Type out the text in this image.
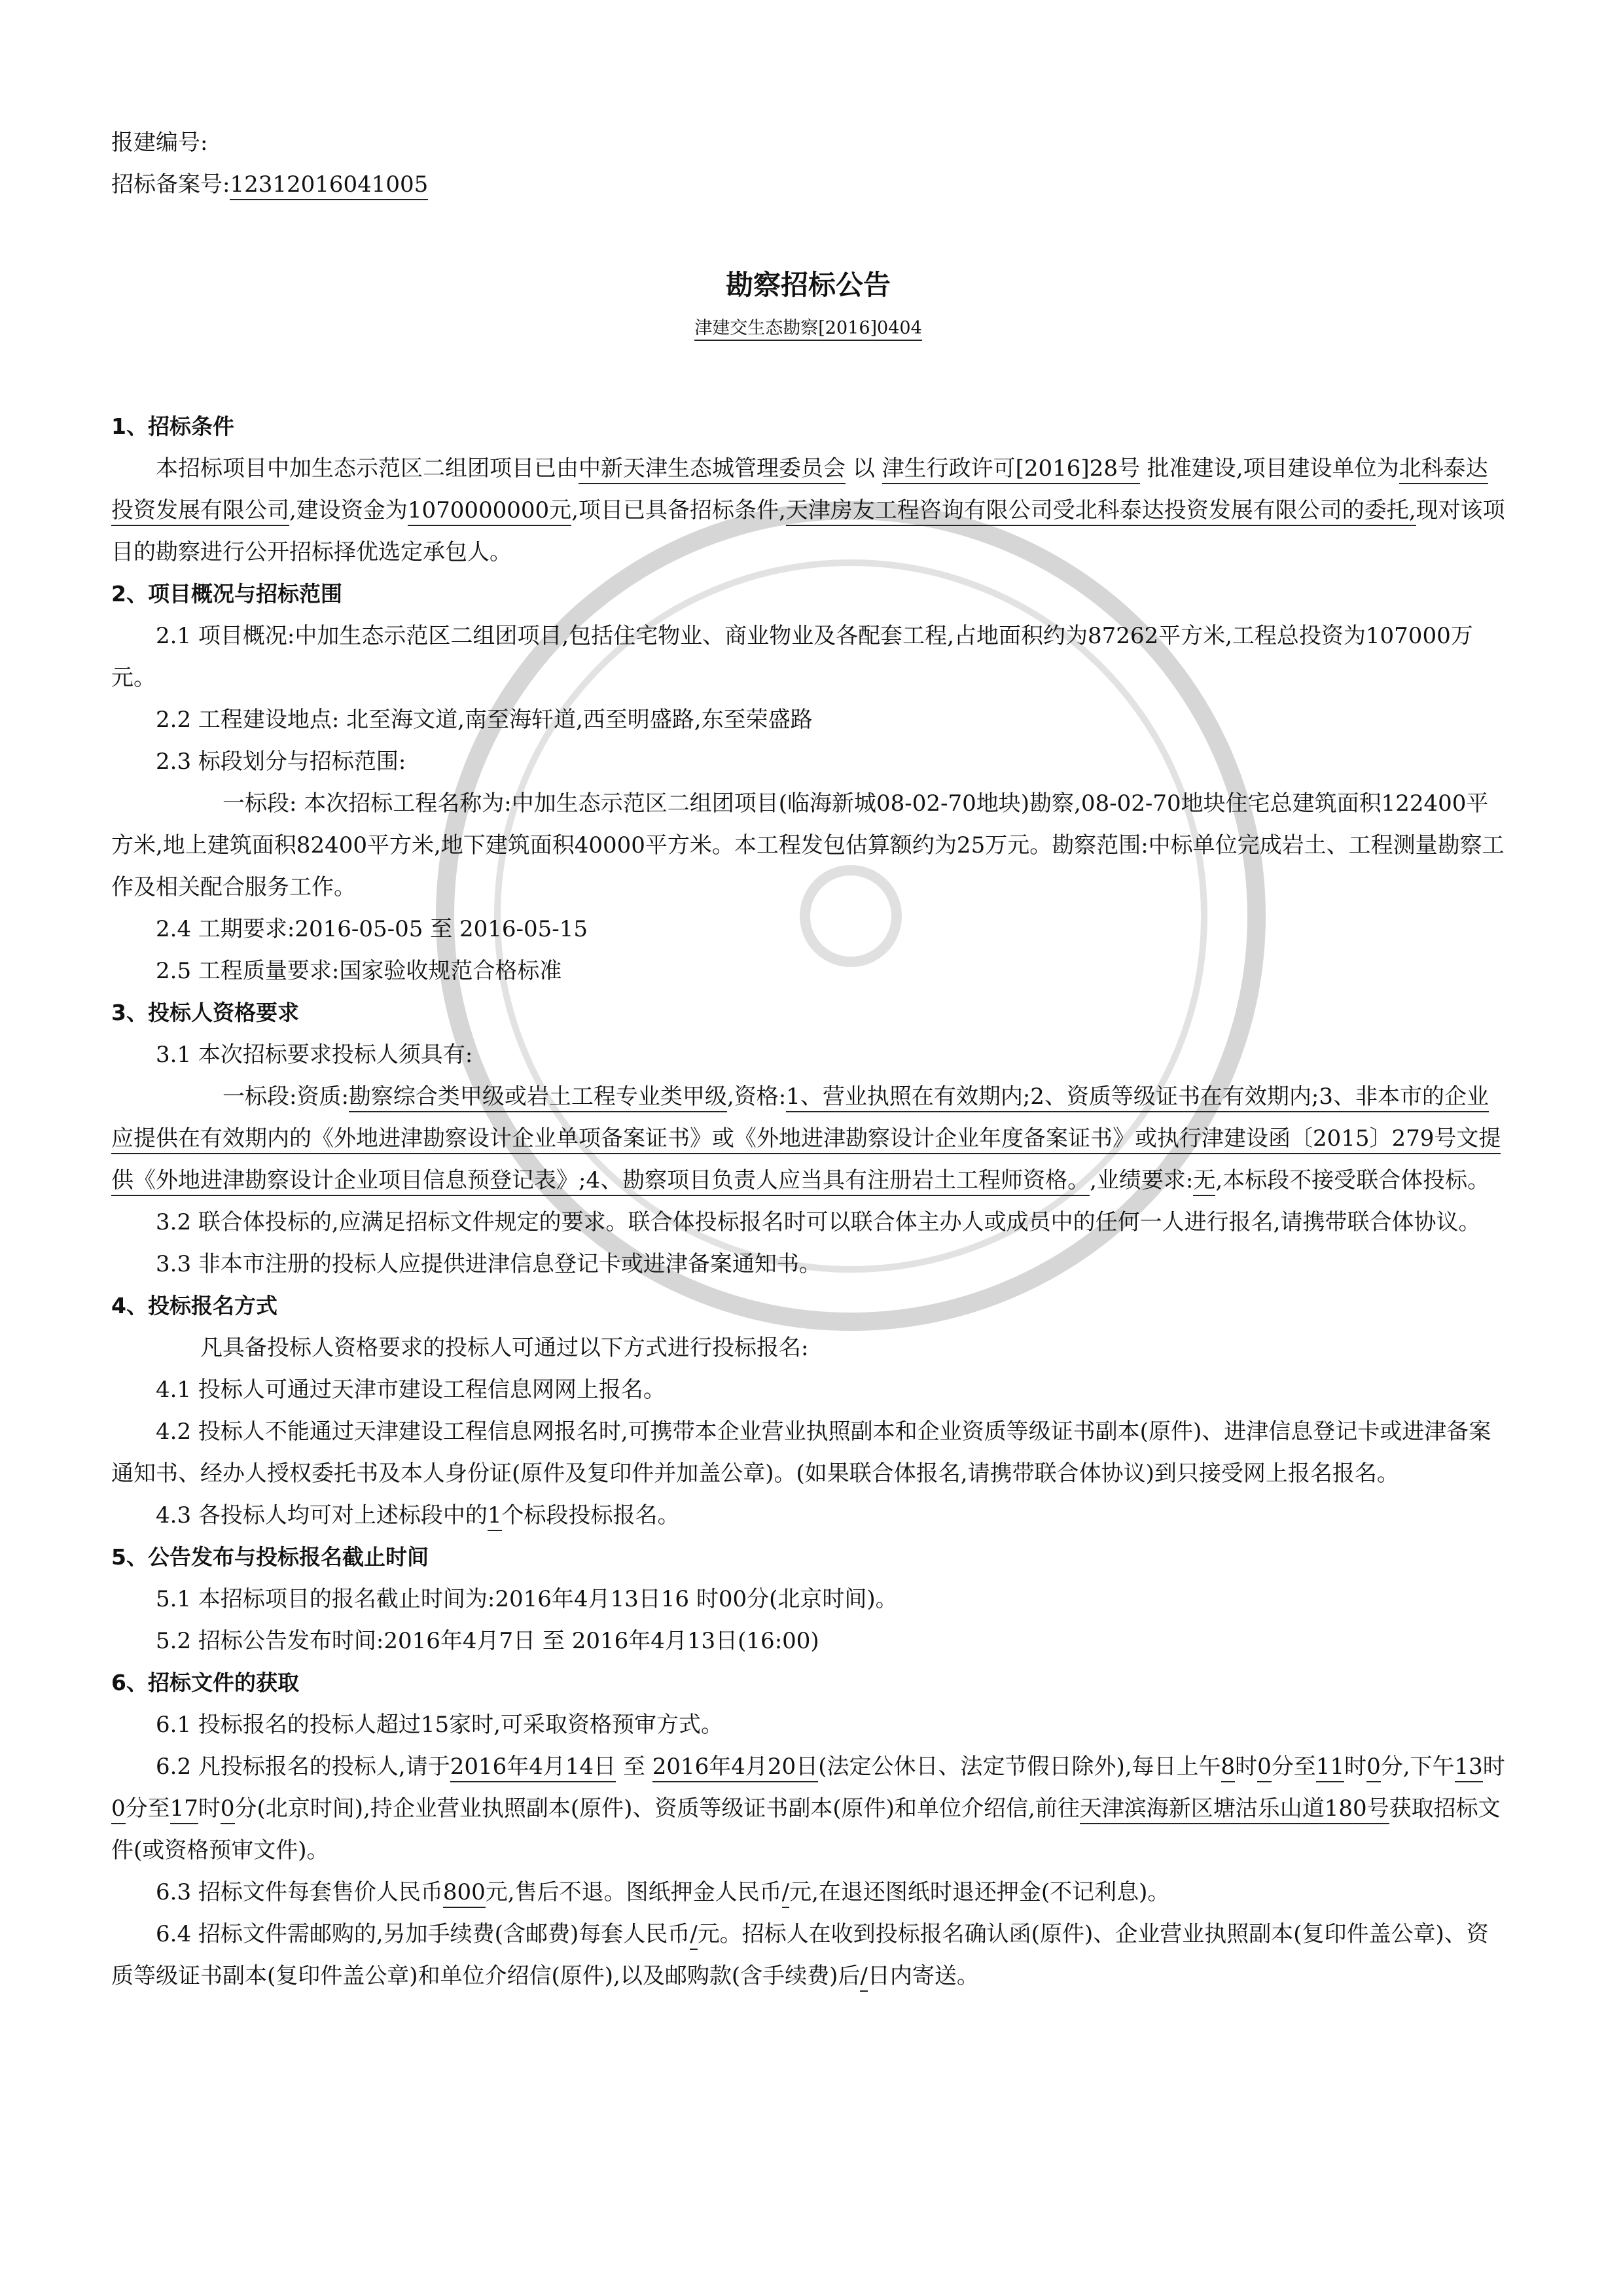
报建编号:
招标备案号:12312016041005
勘察招标公告
津建交生态勘察[2016]0404
1、招标条件

本招标项目中加生态示范区二组团项目已由中新天津生态城管理委员会 以 津生行政许可[2016]28号 批准建设,项目建设单位为北科泰达投资发展有限公司,建设资金为1070000000元,项目已具备招标条件,天津房友工程咨询有限公司受北科泰达投资发展有限公司的委托,现对该项目的勘察进行公开招标择优选定承包人。

2、项目概况与招标范围

2.1 项目概况:中加生态示范区二组团项目,包括住宅物业、商业物业及各配套工程,占地面积约为87262平方米,工程总投资为107000万元。

2.2 工程建设地点: 北至海文道,南至海轩道,西至明盛路,东至荣盛路

2.3 标段划分与招标范围:

一标段: 本次招标工程名称为:中加生态示范区二组团项目(临海新城08-02-70地块)勘察,08-02-70地块住宅总建筑面积122400平方米,地上建筑面积82400平方米,地下建筑面积40000平方米。本工程发包估算额约为25万元。勘察范围:中标单位完成岩土、工程测量勘察工作及相关配合服务工作。

2.4 工期要求:2016-05-05 至 2016-05-15

2.5 工程质量要求:国家验收规范合格标准

3、投标人资格要求

3.1 本次招标要求投标人须具有:

一标段:资质:勘察综合类甲级或岩土工程专业类甲级,资格:1、营业执照在有效期内;2、资质等级证书在有效期内;3、非本市的企业应提供在有效期内的《外地进津勘察设计企业单项备案证书》或《外地进津勘察设计企业年度备案证书》或执行津建设函〔2015〕279号文提供《外地进津勘察设计企业项目信息预登记表》;4、勘察项目负责人应当具有注册岩土工程师资格。,业绩要求:无,本标段不接受联合体投标。

3.2 联合体投标的,应满足招标文件规定的要求。联合体投标报名时可以联合体主办人或成员中的任何一人进行报名,请携带联合体协议。

3.3 非本市注册的投标人应提供进津信息登记卡或进津备案通知书。

4、投标报名方式

凡具备投标人资格要求的投标人可通过以下方式进行投标报名:

4.1 投标人可通过天津市建设工程信息网网上报名。

4.2 投标人不能通过天津建设工程信息网报名时,可携带本企业营业执照副本和企业资质等级证书副本(原件)、进津信息登记卡或进津备案通知书、经办人授权委托书及本人身份证(原件及复印件并加盖公章)。(如果联合体报名,请携带联合体协议)到只接受网上报名报名。

4.3 各投标人均可对上述标段中的1个标段投标报名。

5、公告发布与投标报名截止时间

5.1 本招标项目的报名截止时间为:2016年4月13日16 时00分(北京时间)。

5.2 招标公告发布时间:2016年4月7日 至 2016年4月13日(16:00)

6、招标文件的获取

6.1 投标报名的投标人超过15家时,可采取资格预审方式。

6.2 凡投标报名的投标人,请于2016年4月14日 至 2016年4月20日(法定公休日、法定节假日除外),每日上午8时0分至11时0分,下午13时0分至17时0分(北京时间),持企业营业执照副本(原件)、资质等级证书副本(原件)和单位介绍信,前往天津滨海新区塘沽乐山道180号获取招标文件(或资格预审文件)。

6.3 招标文件每套售价人民币800元,售后不退。图纸押金人民币/元,在退还图纸时退还押金(不记利息)。

6.4 招标文件需邮购的,另加手续费(含邮费)每套人民币/元。招标人在收到投标报名确认函(原件)、企业营业执照副本(复印件盖公章)、资质等级证书副本(复印件盖公章)和单位介绍信(原件),以及邮购款(含手续费)后/日内寄送。
